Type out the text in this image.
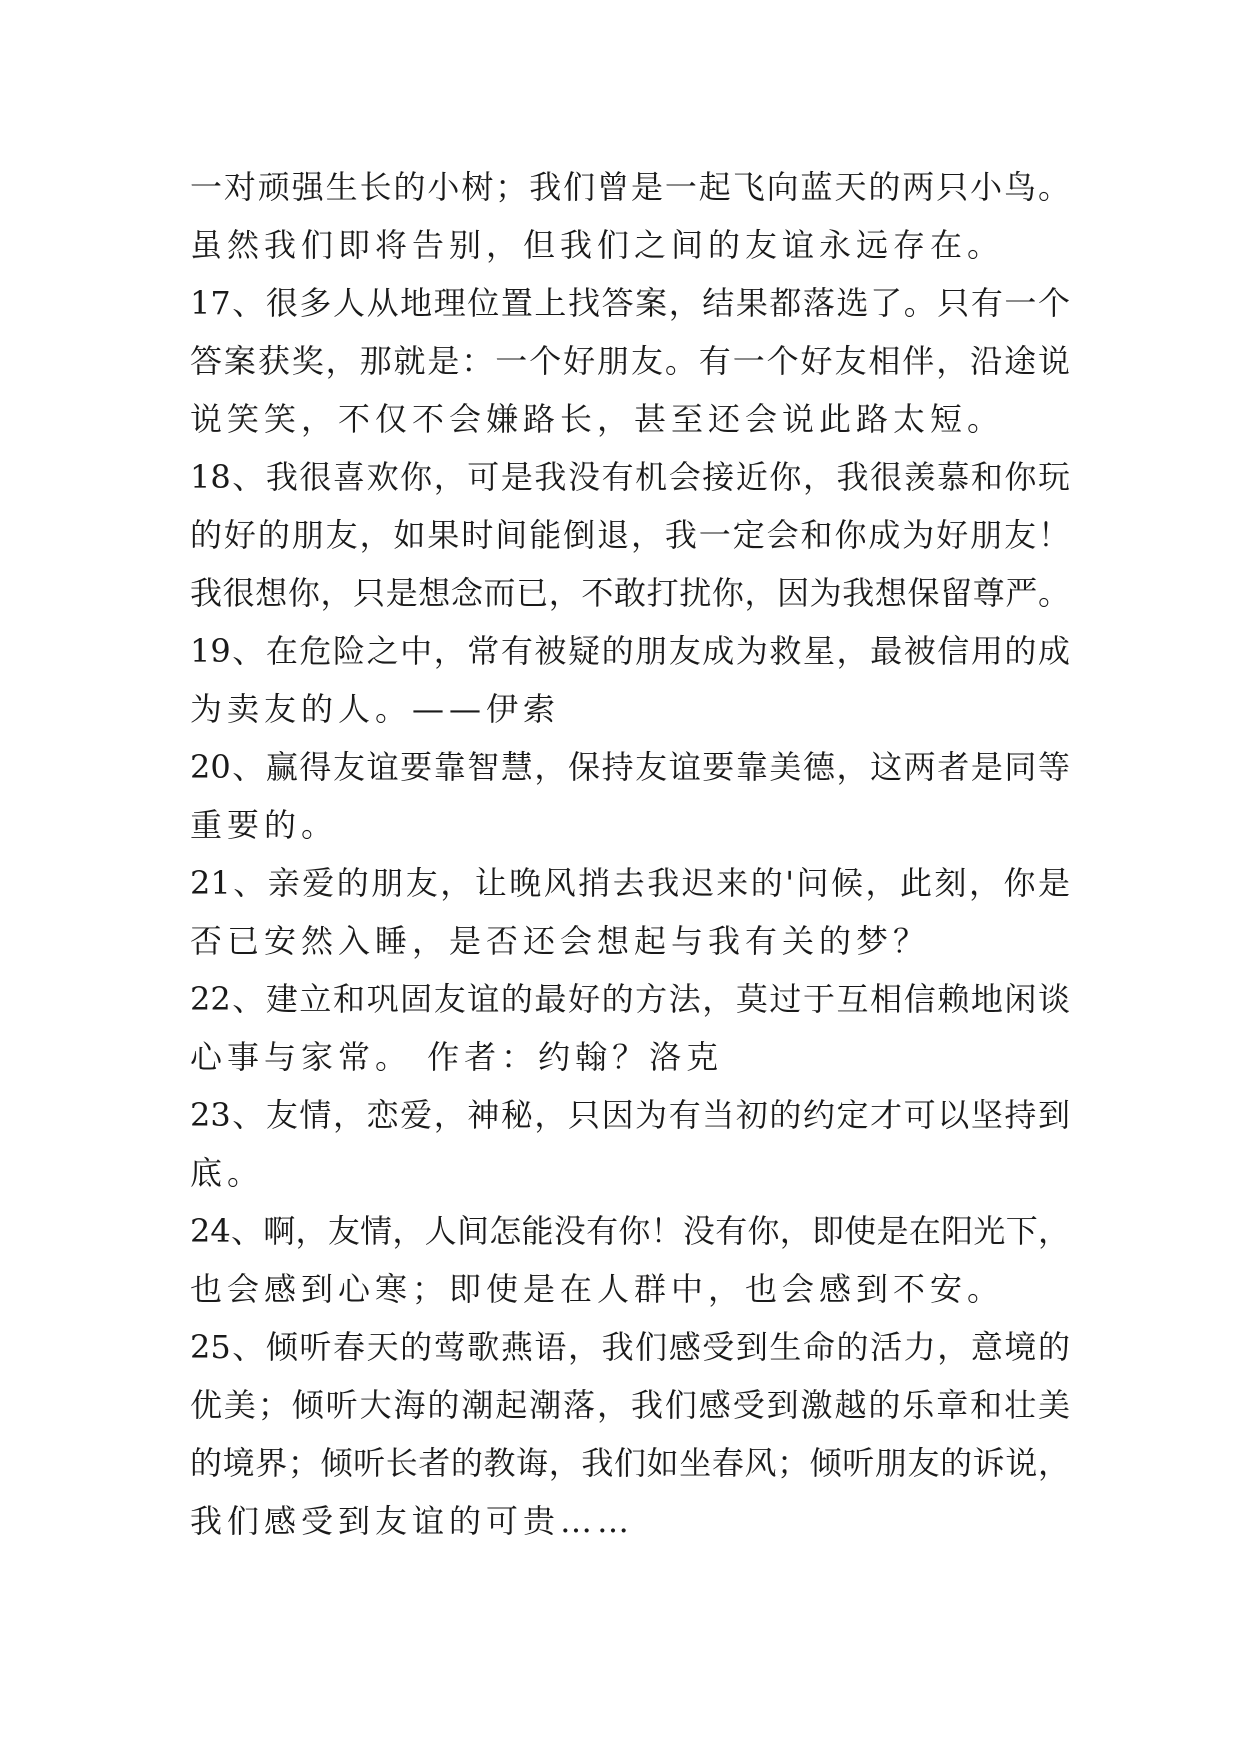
一对顽强生长的小树；我们曾是一起飞向蓝天的两只小鸟。
虽然我们即将告别，但我们之间的友谊永远存在。
17、很多人从地理位置上找答案，结果都落选了。只有一个
答案获奖，那就是：一个好朋友。有一个好友相伴，沿途说
说笑笑，不仅不会嫌路长，甚至还会说此路太短。
18、我很喜欢你，可是我没有机会接近你，我很羡慕和你玩
的好的朋友，如果时间能倒退，我一定会和你成为好朋友！
我很想你，只是想念而已，不敢打扰你，因为我想保留尊严。
19、在危险之中，常有被疑的朋友成为救星，最被信用的成
为卖友的人。——伊索
20、赢得友谊要靠智慧，保持友谊要靠美德，这两者是同等
重要的。
21、亲爱的朋友，让晚风捎去我迟来的'问候，此刻，你是
否已安然入睡，是否还会想起与我有关的梦？
22、建立和巩固友谊的最好的方法，莫过于互相信赖地闲谈
心事与家常。 作者：约翰？洛克
23、友情，恋爱，神秘，只因为有当初的约定才可以坚持到
底。
24、啊，友情，人间怎能没有你！没有你，即使是在阳光下，
也会感到心寒；即使是在人群中，也会感到不安。
25、倾听春天的莺歌燕语，我们感受到生命的活力，意境的
优美；倾听大海的潮起潮落，我们感受到激越的乐章和壮美
的境界；倾听长者的教诲，我们如坐春风；倾听朋友的诉说，
我们感受到友谊的可贵……
